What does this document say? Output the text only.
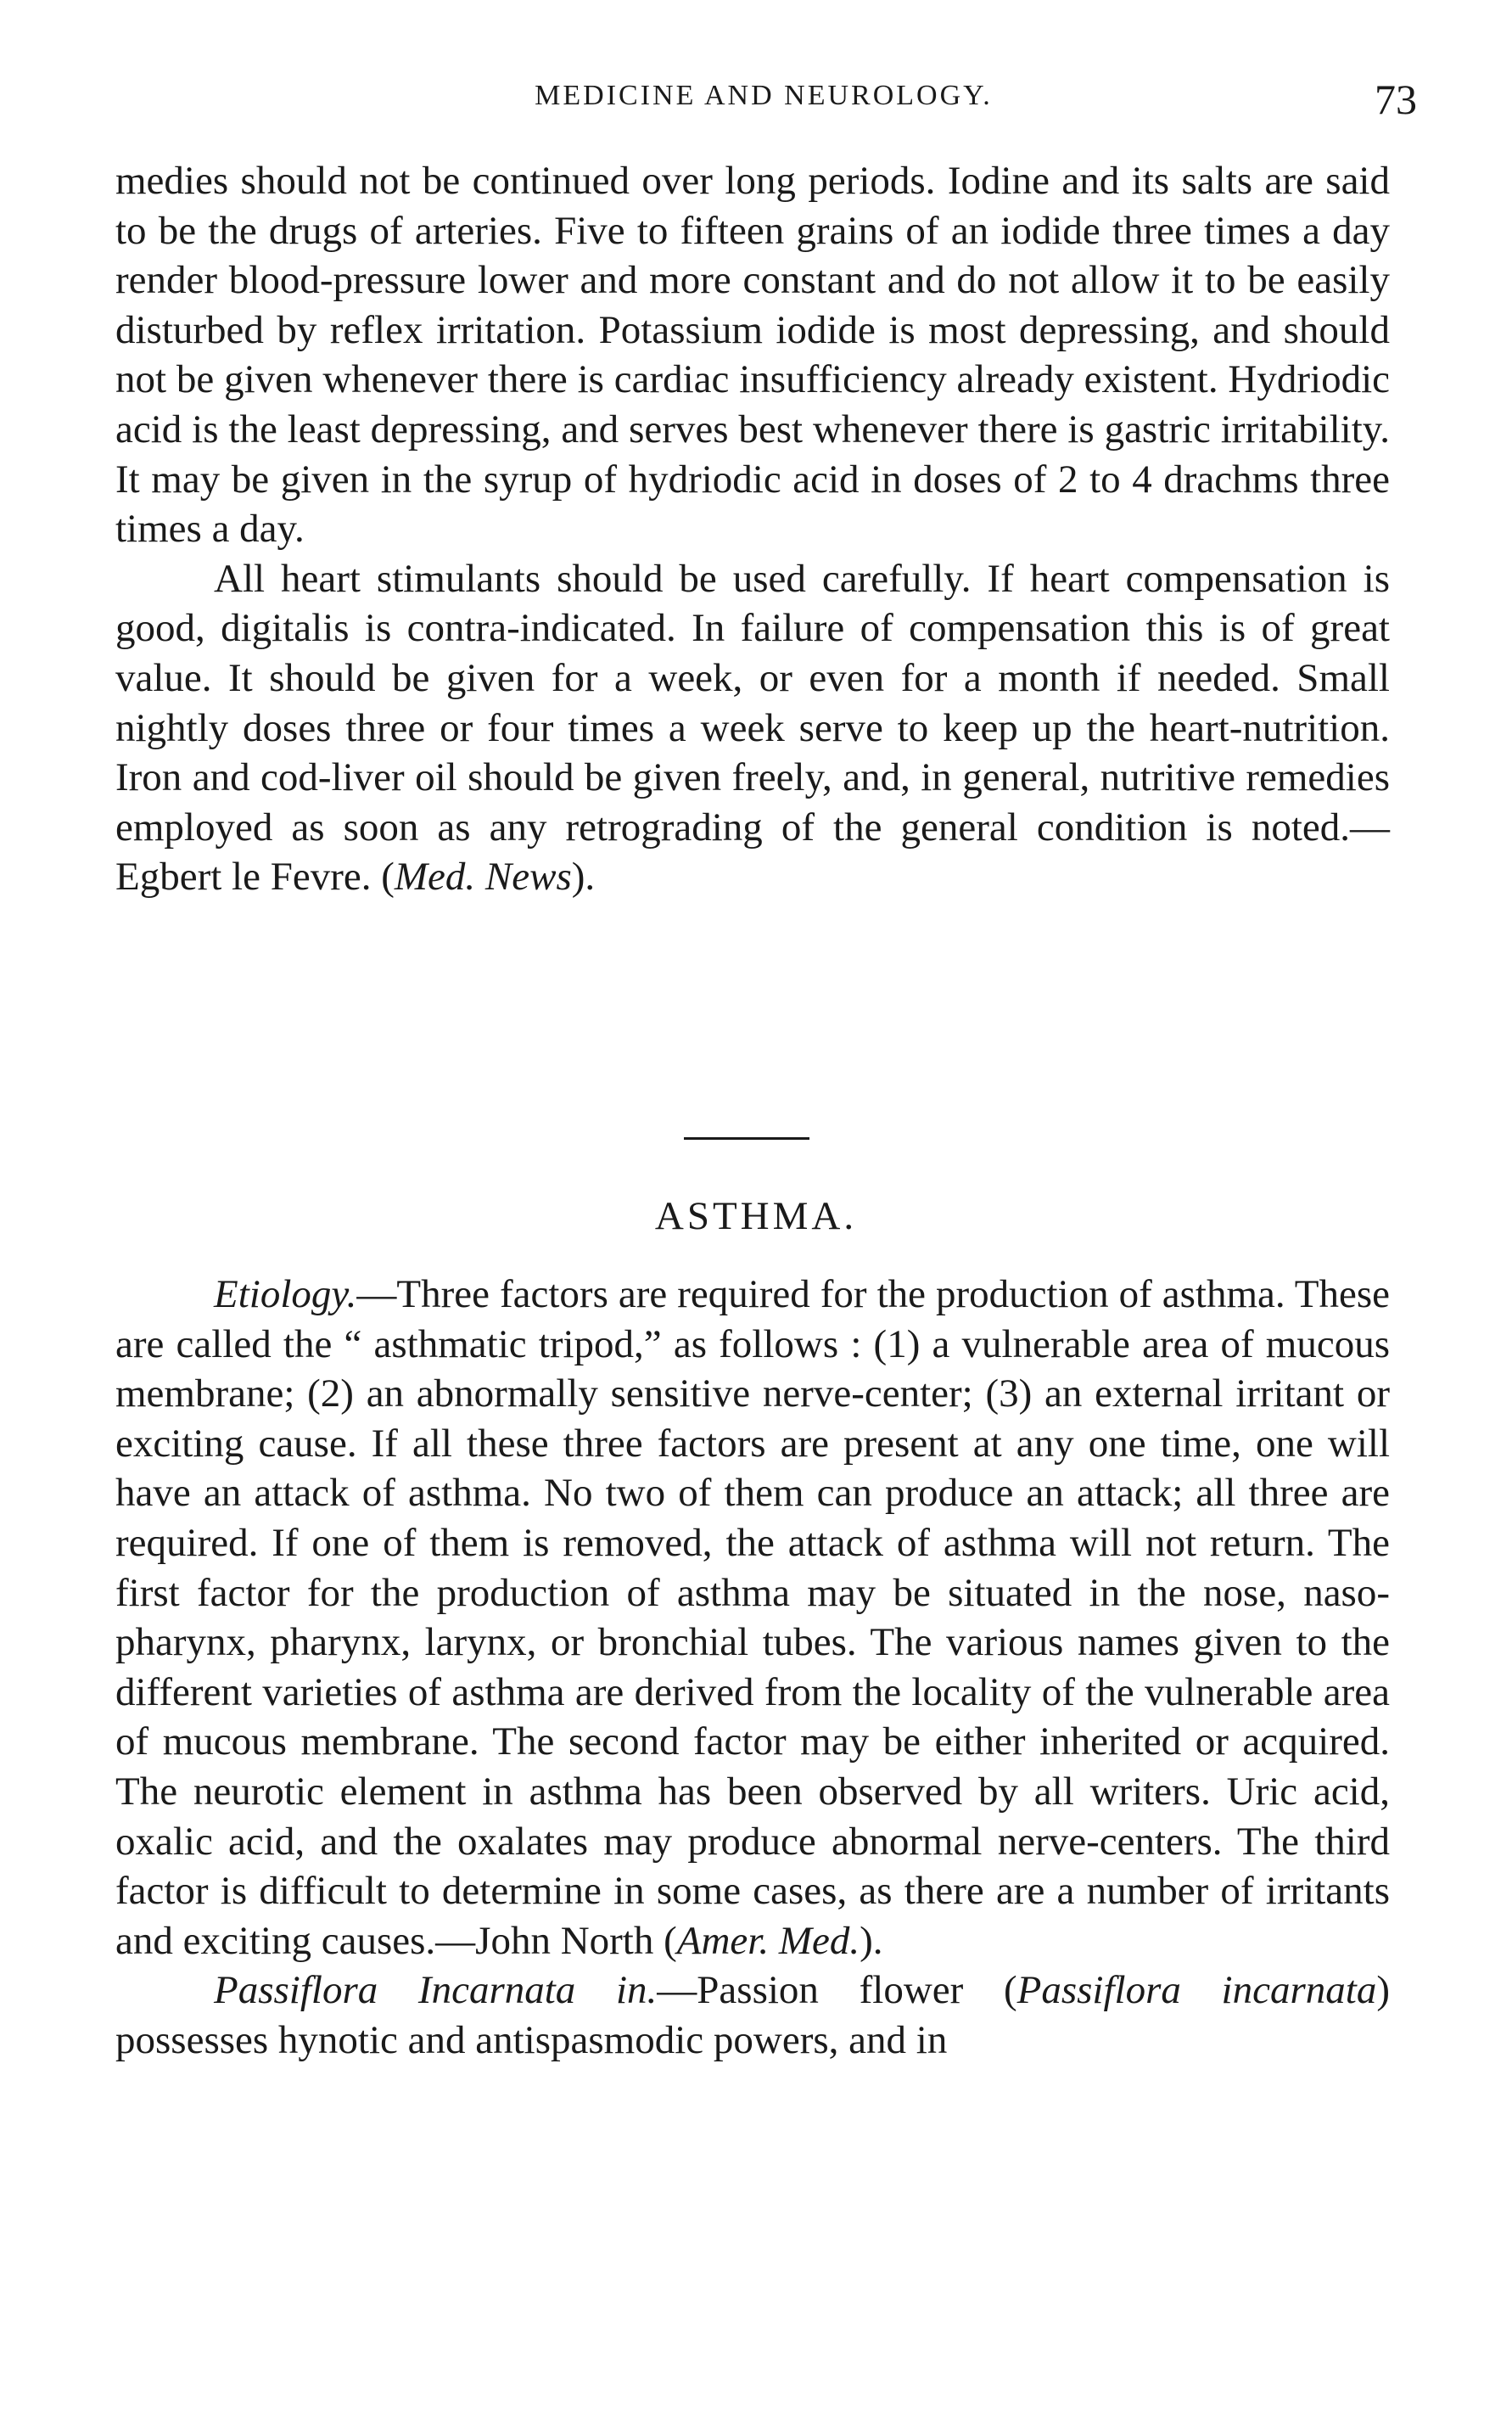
MEDICINE AND NEUROLOGY.	73

medies should not be continued over long periods. Iodine and its salts are said to be the drugs of arteries. Five to fifteen grains of an iodide three times a day render blood-pressure lower and more constant and do not allow it to be easily disturbed by reflex irritation. Potassium iodide is most depressing, and should not be given whenever there is cardiac insufficiency already existent. Hydriodic acid is the least depressing, and serves best whenever there is gastric irritability. It may be given in the syrup of hydriodic acid in doses of 2 to 4 drachms three times a day.

All heart stimulants should be used carefully. If heart compensation is good, digitalis is contra-indicated. In failure of compensation this is of great value. It should be given for a week, or even for a month if needed. Small nightly doses three or four times a week serve to keep up the heart-nutrition. Iron and cod-liver oil should be given freely, and, in general, nutritive remedies employed as soon as any retrograding of the general condition is noted.—Egbert le Fevre. (Med. News).

ASTHMA.

Etiology.—Three factors are required for the production of asthma. These are called the “ asthmatic tripod,” as follows : (1) a vulnerable area of mucous membrane; (2) an abnormally sensitive nerve-center; (3) an external irritant or exciting cause. If all these three factors are present at any one time, one will have an attack of asthma. No two of them can produce an attack; all three are required. If one of them is removed, the attack of asthma will not return. The first factor for the production of asthma may be situated in the nose, naso-pharynx, pharynx, larynx, or bronchial tubes. The various names given to the different varieties of asthma are derived from the locality of the vulnerable area of mucous membrane. The second factor may be either inherited or acquired. The neurotic element in asthma has been observed by all writers. Uric acid, oxalic acid, and the oxalates may produce abnormal nerve-centers. The third factor is difficult to determine in some cases, as there are a number of irritants and exciting causes.—John North (Amer. Med.).

Passiflora Incarnata in.—Passion flower (Passiflora incarnata) possesses hynotic and antispasmodic powers, and in
